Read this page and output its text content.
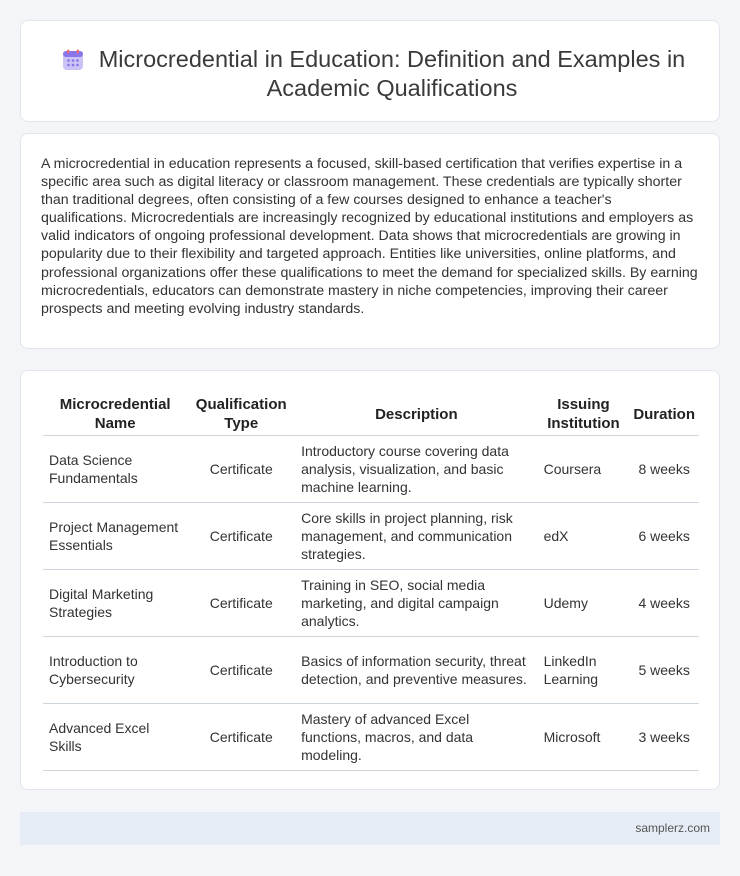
Microcredential in Education: Definition and Examples in Academic Qualifications

A microcredential in education represents a focused, skill-based certification that verifies expertise in a specific area such as digital literacy or classroom management. These credentials are typically shorter than traditional degrees, often consisting of a few courses designed to enhance a teacher's qualifications. Microcredentials are increasingly recognized by educational institutions and employers as valid indicators of ongoing professional development. Data shows that microcredentials are growing in popularity due to their flexibility and targeted approach. Entities like universities, online platforms, and professional organizations offer these qualifications to meet the demand for specialized skills. By earning microcredentials, educators can demonstrate mastery in niche competencies, improving their career prospects and meeting evolving industry standards.

Microcredential Name	Qualification Type	Description	Issuing Institution	Duration
Data Science Fundamentals	Certificate	Introductory course covering data analysis, visualization, and basic machine learning.	Coursera	8 weeks
Project Management Essentials	Certificate	Core skills in project planning, risk management, and communication strategies.	edX	6 weeks
Digital Marketing Strategies	Certificate	Training in SEO, social media marketing, and digital campaign analytics.	Udemy	4 weeks
Introduction to Cybersecurity	Certificate	Basics of information security, threat detection, and preventive measures.	LinkedIn Learning	5 weeks
Advanced Excel Skills	Certificate	Mastery of advanced Excel functions, macros, and data modeling.	Microsoft	3 weeks
samplerz.com
